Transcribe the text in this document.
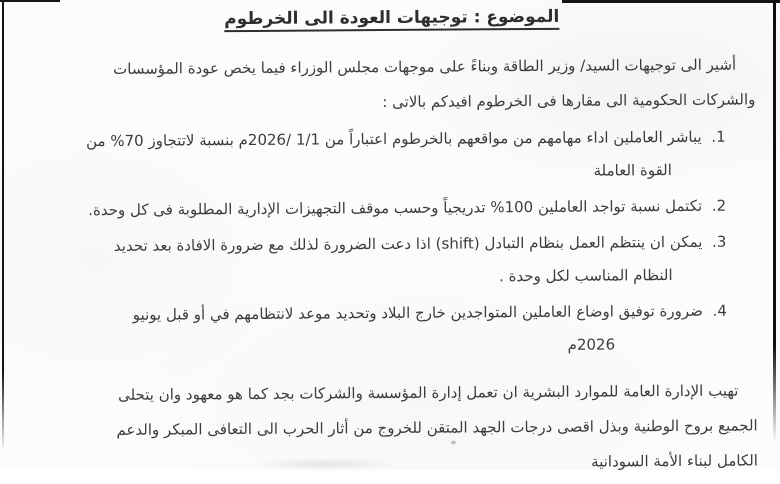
الموضوع : توجيهات العودة الى الخرطوم
أشير الى توجيهات السيد/ وزير الطاقة وبناءً على موجهات مجلس الوزراء فيما يخص عودة المؤسسات
والشركات الحكومية الى مقارها فى الخرطوم افيدكم بالاتى :
1.
يباشر العاملين اداء مهامهم من مواقعهم بالخرطوم اعتباراً من 1/1 /2026م بنسبة لاتتجاوز 70% من
القوة العاملة
2.
تكتمل نسبة تواجد العاملين 100% تدريجياً وحسب موقف التجهيزات الإدارية المطلوبة فى كل وحدة.
3.
يمكن ان ينتظم العمل بنظام التبادل (shift) اذا دعت الضرورة لذلك مع ضرورة الافادة بعد تحديد
النظام المناسب لكل وحدة .
4.
ضرورة توفيق اوضاع العاملين المتواجدين خارج البلاد وتحديد موعد لانتظامهم في أو قبل يونيو
2026م
تهيب الإدارة العامة للموارد البشرية ان تعمل إدارة المؤسسة والشركات بجد كما هو معهود وان يتحلى
الجميع بروح الوطنية وبذل اقصى درجات الجهد المتقن للخروج من أثار الحرب الى التعافى المبكر والدعم
الكامل لبناء الأمة السودانية
